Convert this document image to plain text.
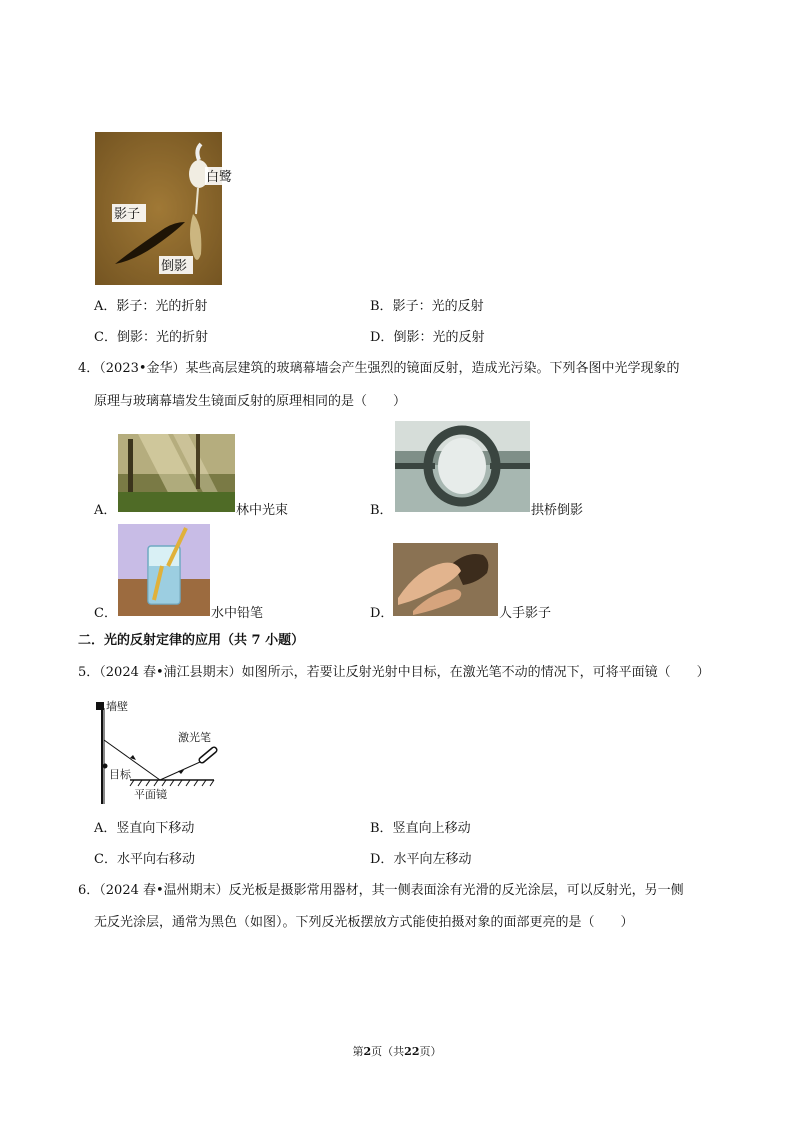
白鹭
影子
倒影
A．影子：光的折射	B．影子：光的反射
C．倒影：光的折射	D．倒影：光的反射
4．（2023•金华）某些高层建筑的玻璃幕墙会产生强烈的镜面反射，造成光污染。下列各图中光学现象的
原理与玻璃幕墙发生镜面反射的原理相同的是（　　）
A．	林中光束	B．	拱桥倒影
C．	水中铅笔	D．	人手影子
二．光的反射定律的应用（共 7 小题）
5．（2024 春•浦江县期末）如图所示，若要让反射光射中目标，在激光笔不动的情况下，可将平面镜（　　）
墙壁
激光笔
目标
平面镜
A．竖直向下移动	B．竖直向上移动
C．水平向右移动	D．水平向左移动
6．（2024 春•温州期末）反光板是摄影常用器材，其一侧表面涂有光滑的反光涂层，可以反射光，另一侧
无反光涂层，通常为黑色（如图）。下列反光板摆放方式能使拍摄对象的面部更亮的是（　　）
第2页（共22页）
